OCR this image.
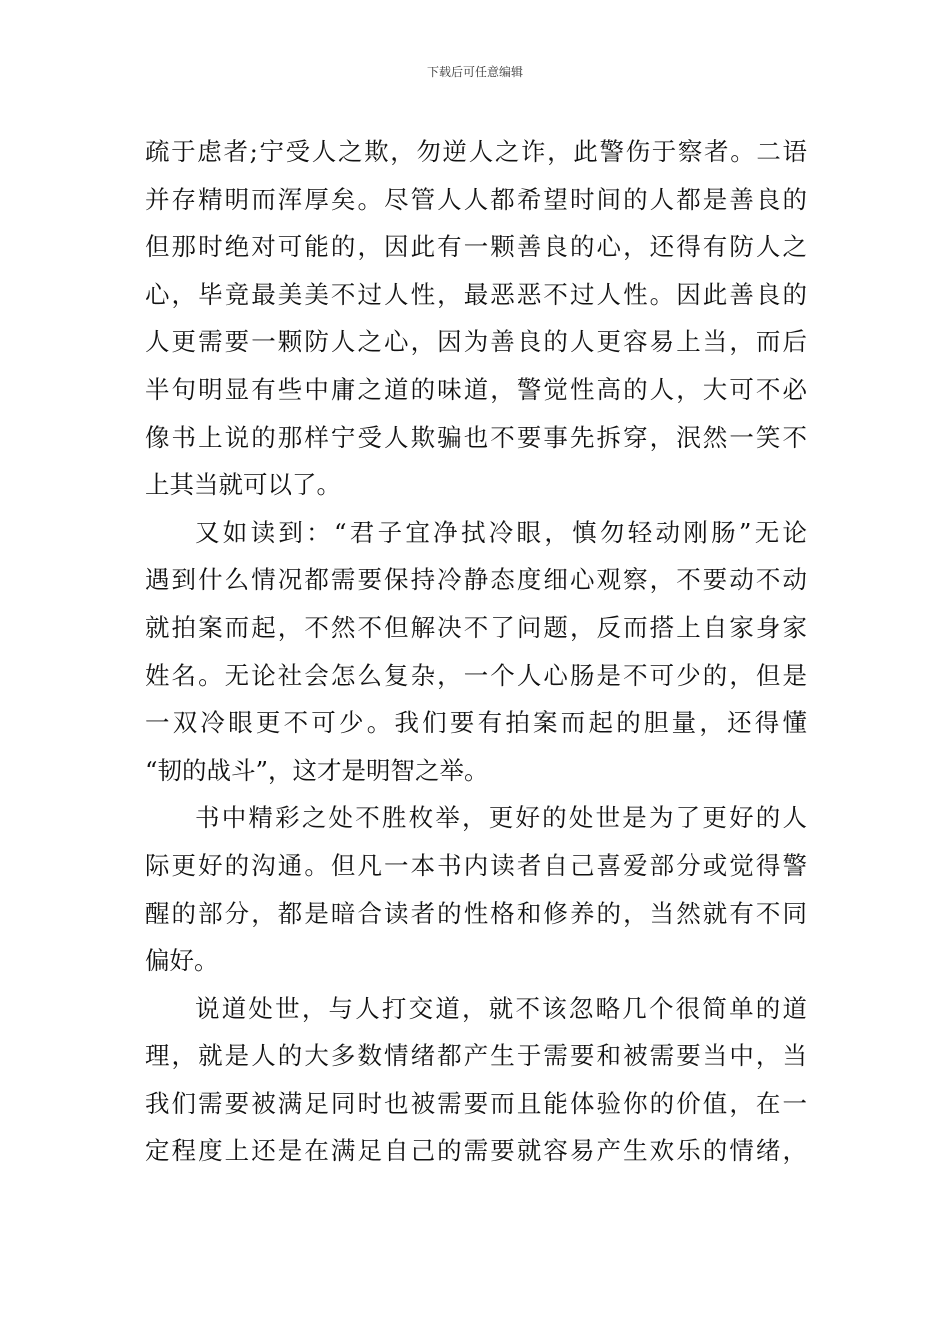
下载后可任意编辑
疏于虑者;宁受人之欺，勿逆人之诈，此警伤于察者。二语
并存精明而浑厚矣。尽管人人都希望时间的人都是善良的
但那时绝对可能的，因此有一颗善良的心，还得有防人之
心，毕竟最美美不过人性，最恶恶不过人性。因此善良的
人更需要一颗防人之心，因为善良的人更容易上当，而后
半句明显有些中庸之道的味道，警觉性高的人，大可不必
像书上说的那样宁受人欺骗也不要事先拆穿，泯然一笑不
上其当就可以了。
又如读到：“君子宜净拭冷眼，慎勿轻动刚肠”无论
遇到什么情况都需要保持冷静态度细心观察，不要动不动
就拍案而起，不然不但解决不了问题，反而搭上自家身家
姓名。无论社会怎么复杂，一个人心肠是不可少的，但是
一双冷眼更不可少。我们要有拍案而起的胆量，还得懂
“韧的战斗”，这才是明智之举。
书中精彩之处不胜枚举，更好的处世是为了更好的人
际更好的沟通。但凡一本书内读者自己喜爱部分或觉得警
醒的部分，都是暗合读者的性格和修养的，当然就有不同
偏好。
说道处世，与人打交道，就不该忽略几个很简单的道
理，就是人的大多数情绪都产生于需要和被需要当中，当
我们需要被满足同时也被需要而且能体验你的价值，在一
定程度上还是在满足自己的需要就容易产生欢乐的情绪，
